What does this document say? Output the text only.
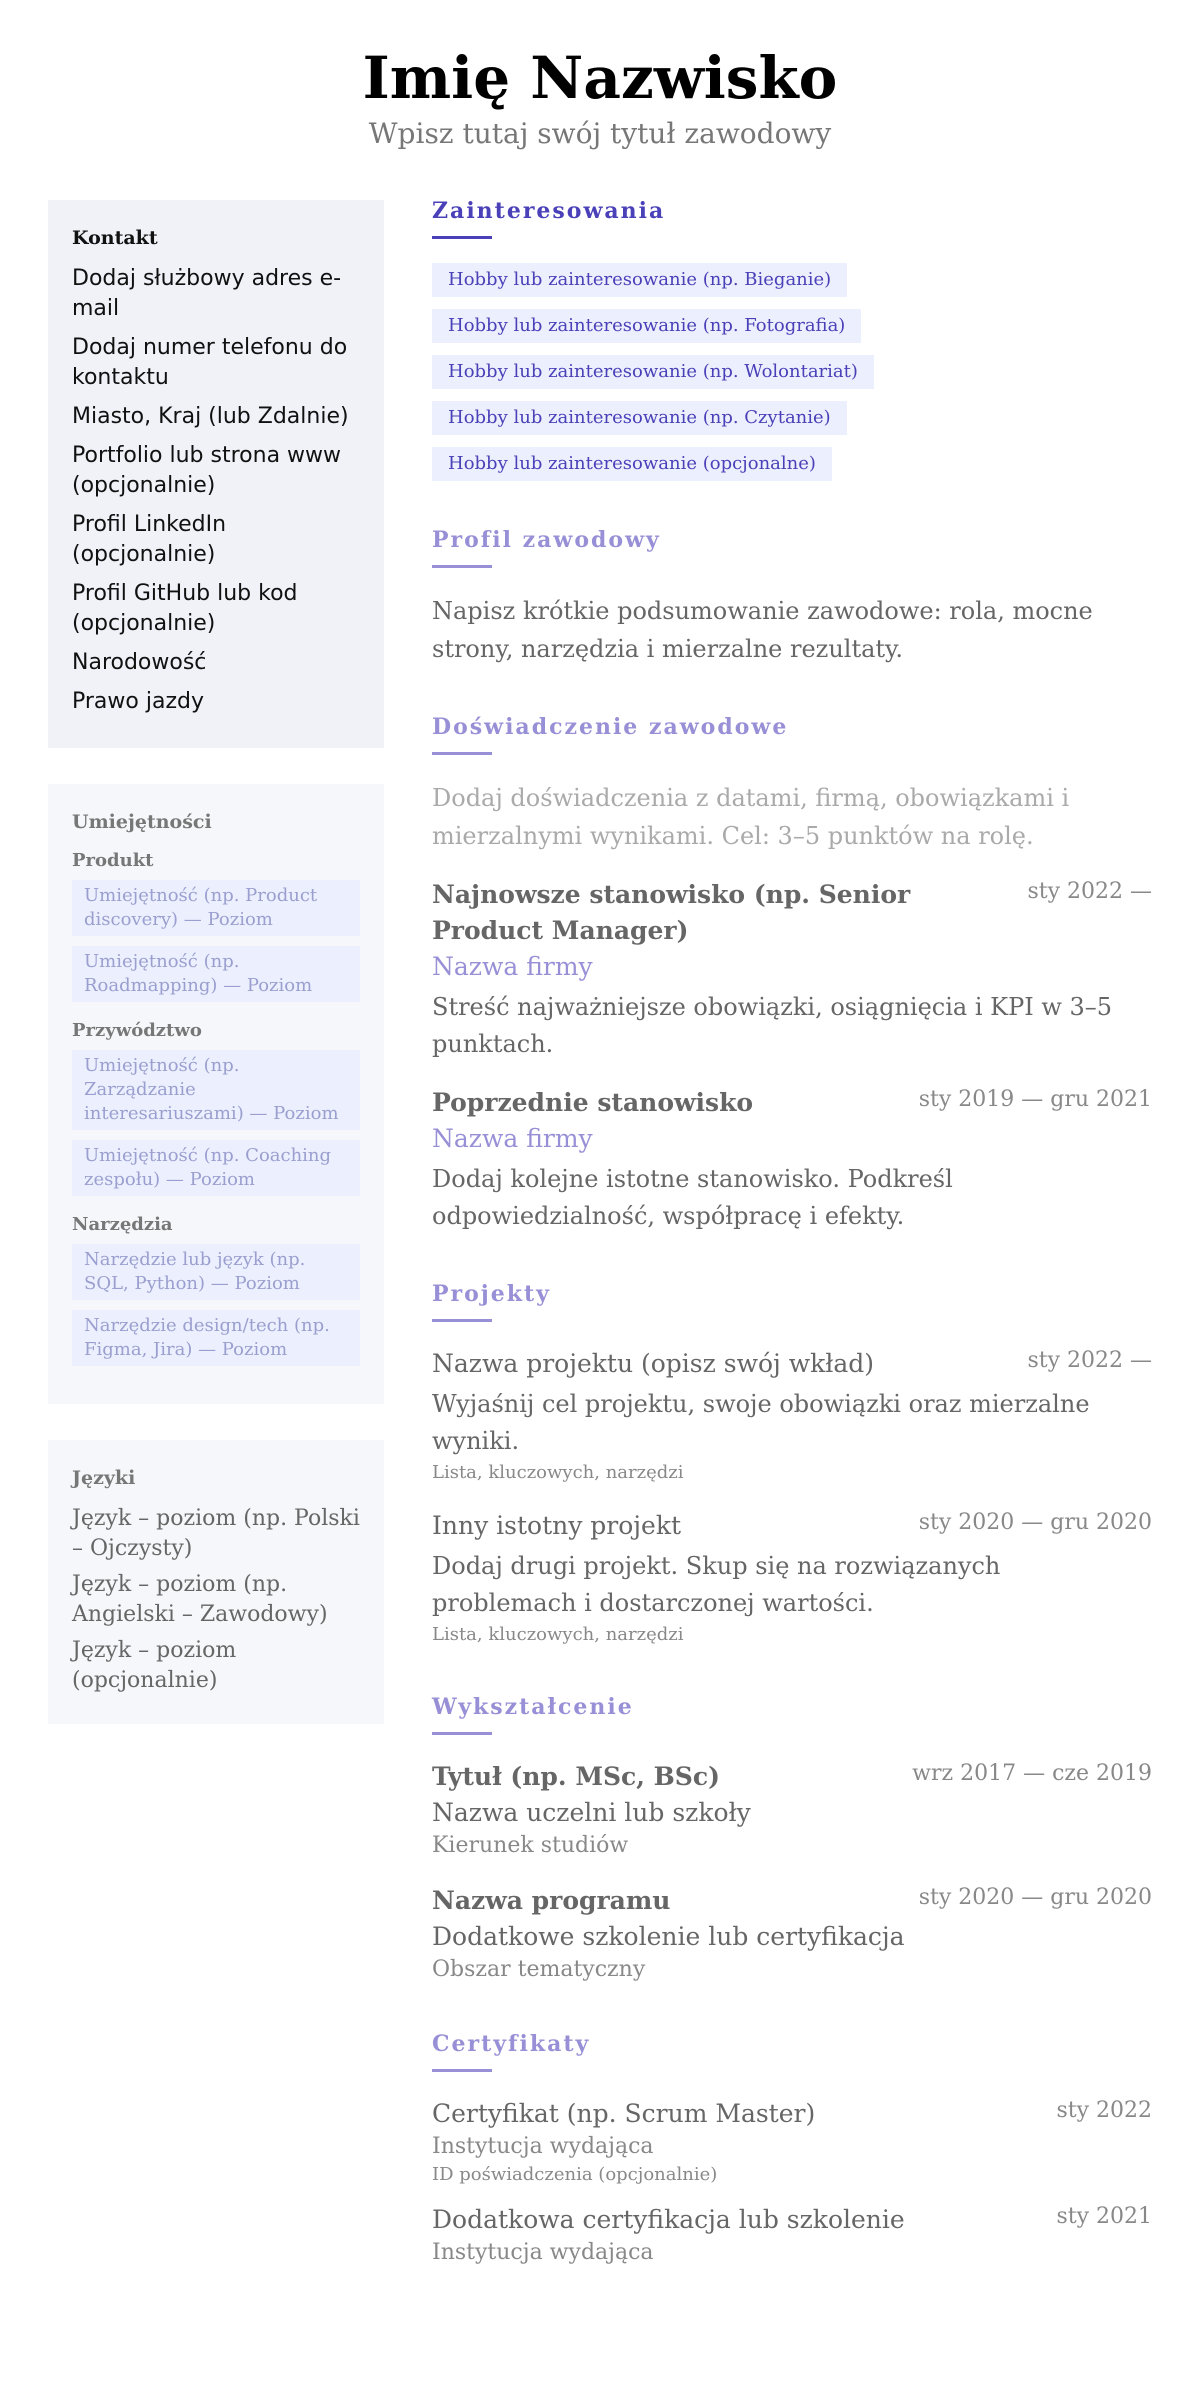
Imię Nazwisko
Wpisz tutaj swój tytuł zawodowy
Kontakt
Dodaj służbowy adres e-mail
Dodaj numer telefonu do kontaktu
Miasto, Kraj (lub Zdalnie)
Portfolio lub strona www (opcjonalnie)
Profil LinkedIn (opcjonalnie)
Profil GitHub lub kod (opcjonalnie)
Narodowość
Prawo jazdy
Umiejętności
Produkt
Umiejętność (np. Product discovery) — Poziom
Umiejętność (np. Roadmapping) — Poziom
Przywództwo
Umiejętność (np. Zarządzanie interesariuszami) — Poziom
Umiejętność (np. Coaching zespołu) — Poziom
Narzędzia
Narzędzie lub język (np. SQL, Python) — Poziom
Narzędzie design/tech (np. Figma, Jira) — Poziom
Języki
Język – poziom (np. Polski – Ojczysty)
Język – poziom (np. Angielski – Zawodowy)
Język – poziom (opcjonalnie)
Zainteresowania
Hobby lub zainteresowanie (np. Bieganie)
Hobby lub zainteresowanie (np. Fotografia)
Hobby lub zainteresowanie (np. Wolontariat)
Hobby lub zainteresowanie (np. Czytanie)
Hobby lub zainteresowanie (opcjonalne)
Profil zawodowy
Napisz krótkie podsumowanie zawodowe: rola, mocne strony, narzędzia i mierzalne rezultaty.
Doświadczenie zawodowe
Dodaj doświadczenia z datami, firmą, obowiązkami i mierzalnymi wynikami. Cel: 3–5 punktów na rolę.
Najnowsze stanowisko (np. Senior Product Manager)
sty 2022 —
Nazwa firmy
Streść najważniejsze obowiązki, osiągnięcia i KPI w 3–5 punktach.
Poprzednie stanowisko	sty 2019 — gru 2021
Nazwa firmy
Dodaj kolejne istotne stanowisko. Podkreśl odpowiedzialność, współpracę i efekty.
Projekty
Nazwa projektu (opisz swój wkład)	sty 2022 —
Wyjaśnij cel projektu, swoje obowiązki oraz mierzalne wyniki.
Lista, kluczowych, narzędzi
Inny istotny projekt	sty 2020 — gru 2020
Dodaj drugi projekt. Skup się na rozwiązanych problemach i dostarczonej wartości.
Lista, kluczowych, narzędzi
Wykształcenie
Tytuł (np. MSc, BSc)	wrz 2017 — cze 2019
Nazwa uczelni lub szkoły
Kierunek studiów
Nazwa programu	sty 2020 — gru 2020
Dodatkowe szkolenie lub certyfikacja
Obszar tematyczny
Certyfikaty
Certyfikat (np. Scrum Master)	sty 2022
Instytucja wydająca
ID poświadczenia (opcjonalnie)
Dodatkowa certyfikacja lub szkolenie	sty 2021
Instytucja wydająca
